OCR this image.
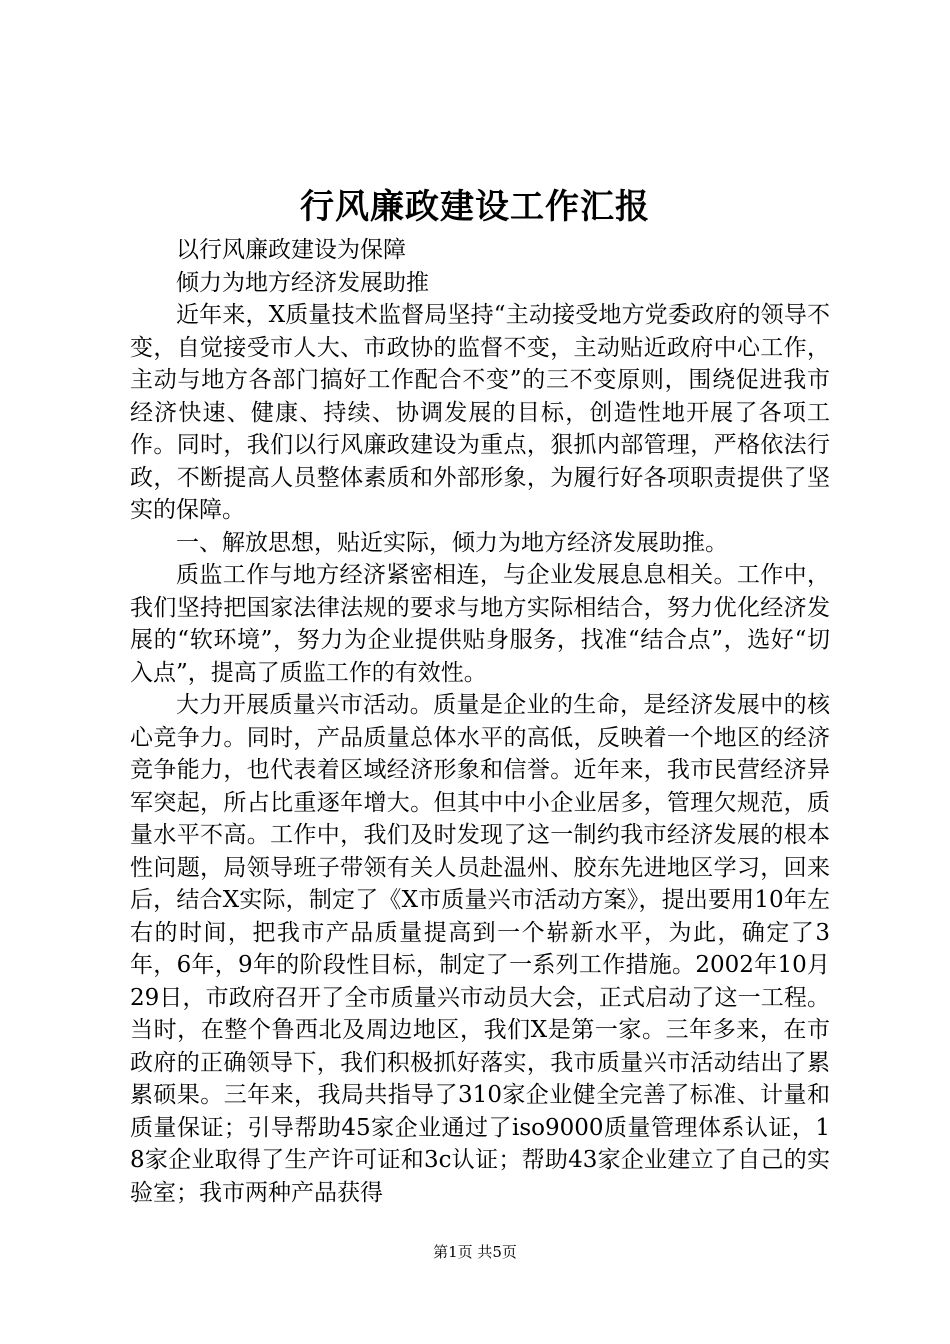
行风廉政建设工作汇报

以行风廉政建设为保障

倾力为地方经济发展助推

近年来，X质量技术监督局坚持“主动接受地方党委政府的领导不变，自觉接受市人大、市政协的监督不变，主动贴近政府中心工作，主动与地方各部门搞好工作配合不变”的三不变原则，围绕促进我市经济快速、健康、持续、协调发展的目标，创造性地开展了各项工作。同时，我们以行风廉政建设为重点，狠抓内部管理，严格依法行政，不断提高人员整体素质和外部形象，为履行好各项职责提供了坚实的保障。

一、解放思想，贴近实际，倾力为地方经济发展助推。

质监工作与地方经济紧密相连，与企业发展息息相关。工作中，我们坚持把国家法律法规的要求与地方实际相结合，努力优化经济发展的“软环境”，努力为企业提供贴身服务，找准“结合点”，选好“切入点”，提高了质监工作的有效性。

大力开展质量兴市活动。质量是企业的生命，是经济发展中的核心竞争力。同时，产品质量总体水平的高低，反映着一个地区的经济竞争能力，也代表着区域经济形象和信誉。近年来，我市民营经济异军突起，所占比重逐年增大。但其中中小企业居多，管理欠规范，质量水平不高。工作中，我们及时发现了这一制约我市经济发展的根本性问题，局领导班子带领有关人员赴温州、胶东先进地区学习，回来后，结合X实际，制定了《X市质量兴市活动方案》，提出要用10年左右的时间，把我市产品质量提高到一个崭新水平，为此，确定了3年，6年，9年的阶段性目标，制定了一系列工作措施。2002年10月29日，市政府召开了全市质量兴市动员大会，正式启动了这一工程。当时，在整个鲁西北及周边地区，我们X是第一家。三年多来，在市政府的正确领导下，我们积极抓好落实，我市质量兴市活动结出了累累硕果。三年来，我局共指导了310家企业健全完善了标准、计量和质量保证；引导帮助45家企业通过了iso9000质量管理体系认证，18家企业取得了生产许可证和3c认证；帮助43家企业建立了自己的实验室；我市两种产品获得

第1页 共5页
